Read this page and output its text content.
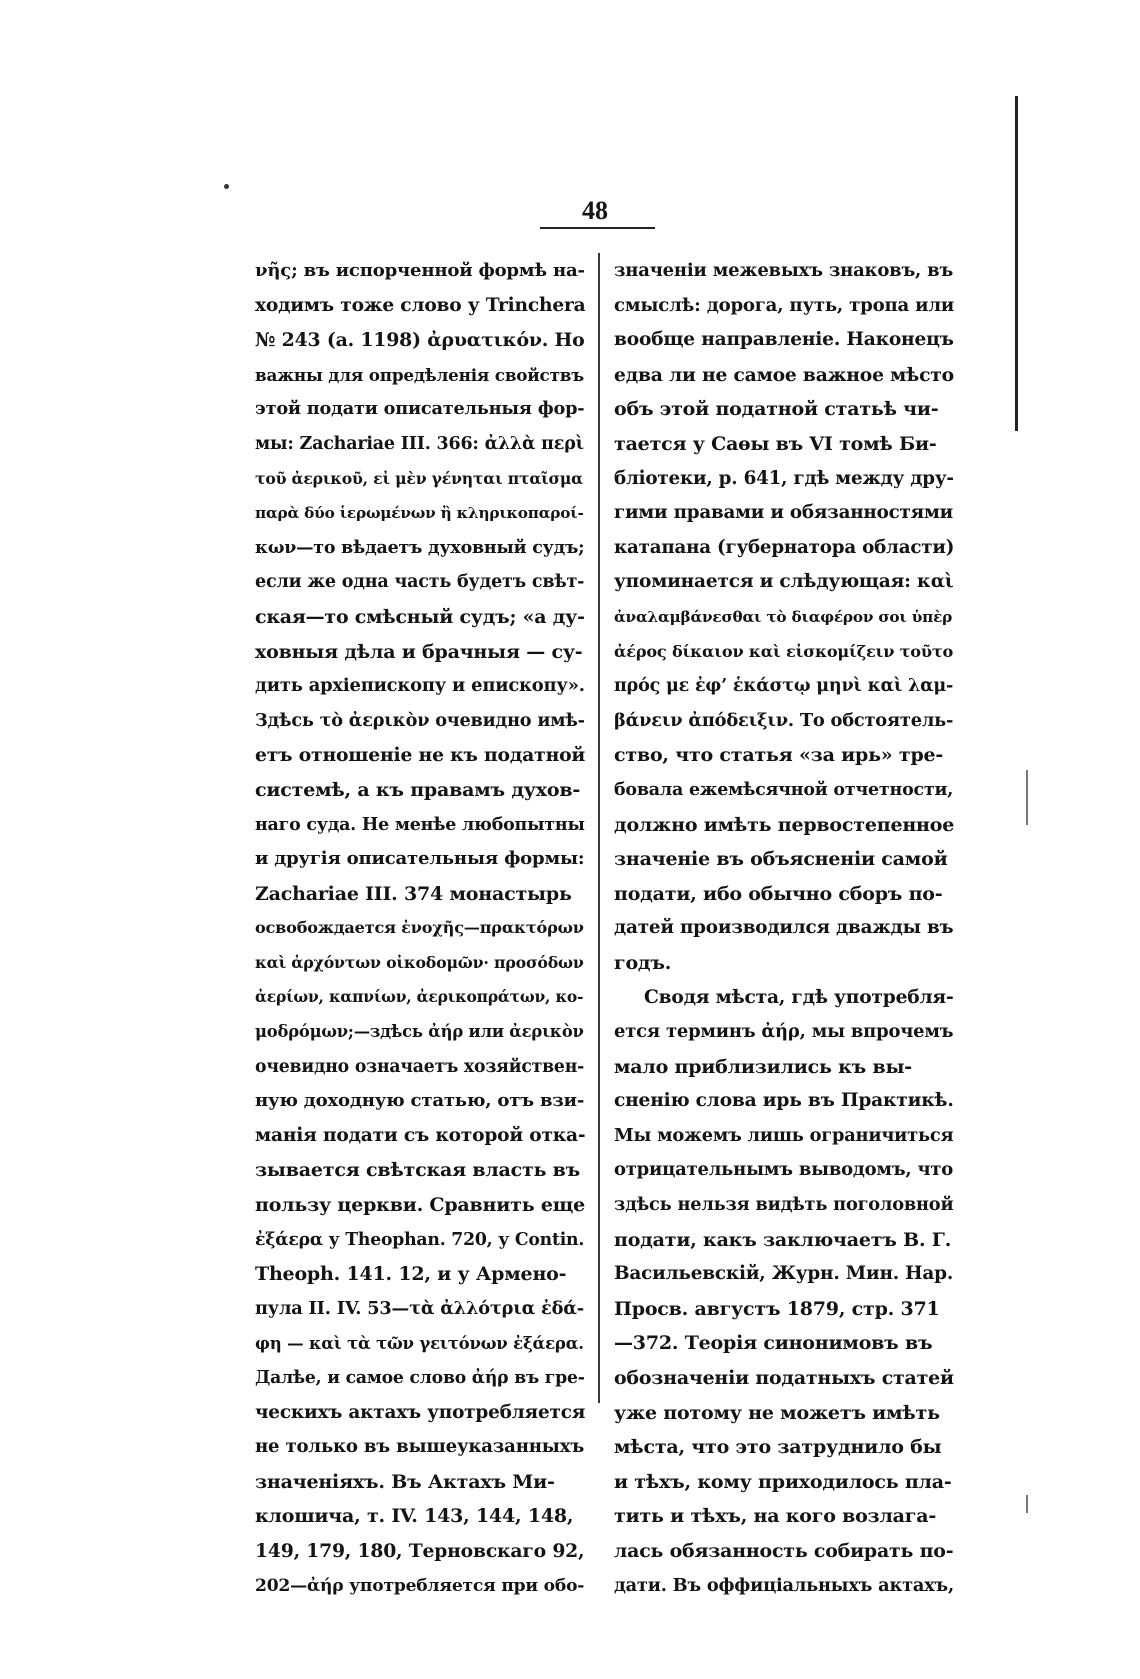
48
νῆς; въ испорченной формѣ на-
ходимъ тоже слово у Trinchera
№ 243 (a. 1198) ἀρυατικόν. Но
важны для опредѣленія свойствъ
этой подати описательныя фор-
мы: Zachariae III. 366: ἀλλὰ περὶ
τοῦ ἀερικοῦ, εἰ μὲν γένηται πταῖσμα
παρὰ δύο ἱερωμένων ἢ κληρικοπαροί-
κων—то вѣдаетъ духовный судъ;
если же одна часть будетъ свѣт-
ская—то смѣсный судъ; «а ду-
ховныя дѣла и брачныя — су-
дить архіепископу и епископу».
Здѣсь τὸ ἀερικὸν очевидно имѣ-
етъ отношеніе не къ податной
системѣ, а къ правамъ духов-
наго суда. Не менѣе любопытны
и другія описательныя формы:
Zachariae III. 374 монастырь
освобождается ἐνοχῆς—πρακτόρων
καὶ ἀρχόντων οἰκοδομῶν· προσόδων
ἀερίων, καπνίων, ἀερικοπράτων, κο-
μοδρόμων;—здѣсь ἀήρ или ἀερικὸν
очевидно означаетъ хозяйствен-
ную доходную статью, отъ взи-
манія подати съ которой отка-
зывается свѣтская власть въ
пользу церкви. Сравнить еще
ἐξάερα у Theophan. 720, у Contin.
Theoph. 141. 12, и у Армено-
пула II. IV. 53—τὰ ἀλλότρια ἐδά-
φη — καὶ τὰ τῶν γειτόνων ἐξάερα.
Далѣе, и самое слово ἀήρ въ гре-
ческихъ актахъ употребляется
не только въ вышеуказанныхъ
значеніяхъ. Въ Актахъ Ми-
клошича, т. IV. 143, 144, 148,
149, 179, 180, Терновскаго 92,
202—ἀήρ употребляется при обо-
значеніи межевыхъ знаковъ, въ
смыслѣ: дорога, путь, тропа или
вообще направленіе. Наконецъ
едва ли не самое важное мѣсто
объ этой податной статьѣ чи-
тается у Саѳы въ VI томѣ Би-
бліотеки, p. 641, гдѣ между дру-
гими правами и обязанностями
катапана (губернатора области)
упоминается и слѣдующая: καὶ
ἀναλαμβάνεσθαι τὸ διαφέρον σοι ὑπὲρ
ἀέρος δίκαιον καὶ εἰσκομίζειν τοῦτο
πρός με ἐφ’ ἑκάστῳ μηνὶ καὶ λαμ-
βάνειν ἀπόδειξιν. То обстоятель-
ство, что статья «за ирь» тре-
бовала ежемѣсячной отчетности,
должно имѣть первостепенное
значеніе въ объясненіи самой
подати, ибо обычно сборъ по-
датей производился дважды въ
годъ.
Сводя мѣста, гдѣ употребля-
ется терминъ ἀήρ, мы впрочемъ
мало приблизились къ вы-
сненію слова ирь въ Практикѣ.
Мы можемъ лишь ограничиться
отрицательнымъ выводомъ, что
здѣсь нельзя видѣть поголовной
подати, какъ заключаетъ В. Г.
Васильевскій, Журн. Мин. Нар.
Просв. августъ 1879, стр. 371
—372. Теорія синонимовъ въ
обозначеніи податныхъ статей
уже потому не можетъ имѣть
мѣста, что это затруднило бы
и тѣхъ, кому приходилось пла-
тить и тѣхъ, на кого возлага-
лась обязанность собирать по-
дати. Въ оффиціальныхъ актахъ,
